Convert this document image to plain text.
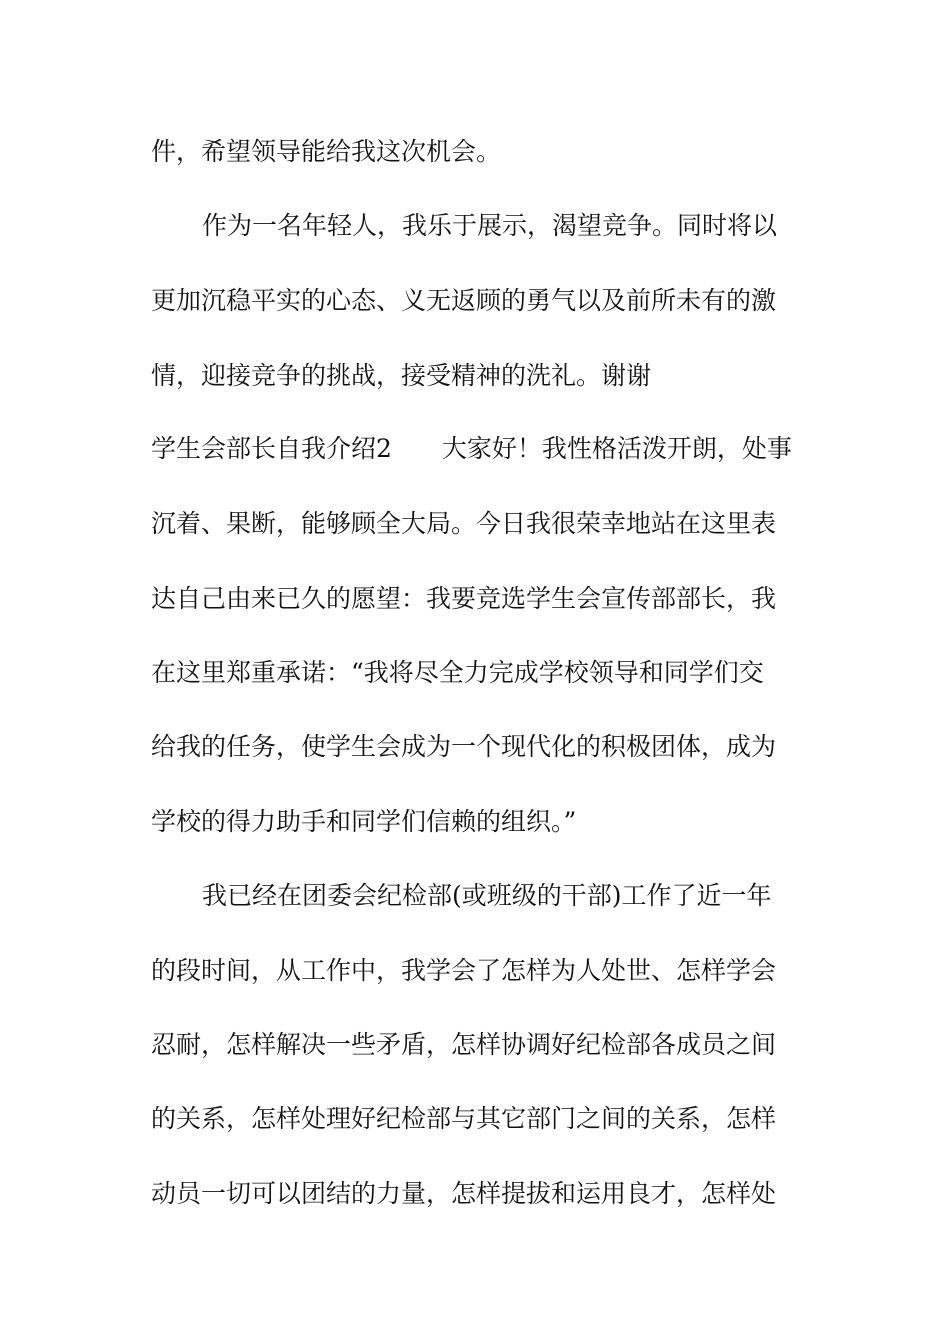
件，希望领导能给我这次机会。
作为一名年轻人，我乐于展示，渴望竞争。同时将以
更加沉稳平实的心态、义无返顾的勇气以及前所未有的激
情，迎接竞争的挑战，接受精神的洗礼。谢谢
学生会部长自我介绍2　　大家好！我性格活泼开朗，处事
沉着、果断，能够顾全大局。今日我很荣幸地站在这里表
达自己由来已久的愿望：我要竞选学生会宣传部部长，我
在这里郑重承诺：“我将尽全力完成学校领导和同学们交
给我的任务，使学生会成为一个现代化的积极团体，成为
学校的得力助手和同学们信赖的组织。”
我已经在团委会纪检部(或班级的干部)工作了近一年
的段时间，从工作中，我学会了怎样为人处世、怎样学会
忍耐，怎样解决一些矛盾，怎样协调好纪检部各成员之间
的关系，怎样处理好纪检部与其它部门之间的关系，怎样
动员一切可以团结的力量，怎样提拔和运用良才，怎样处
